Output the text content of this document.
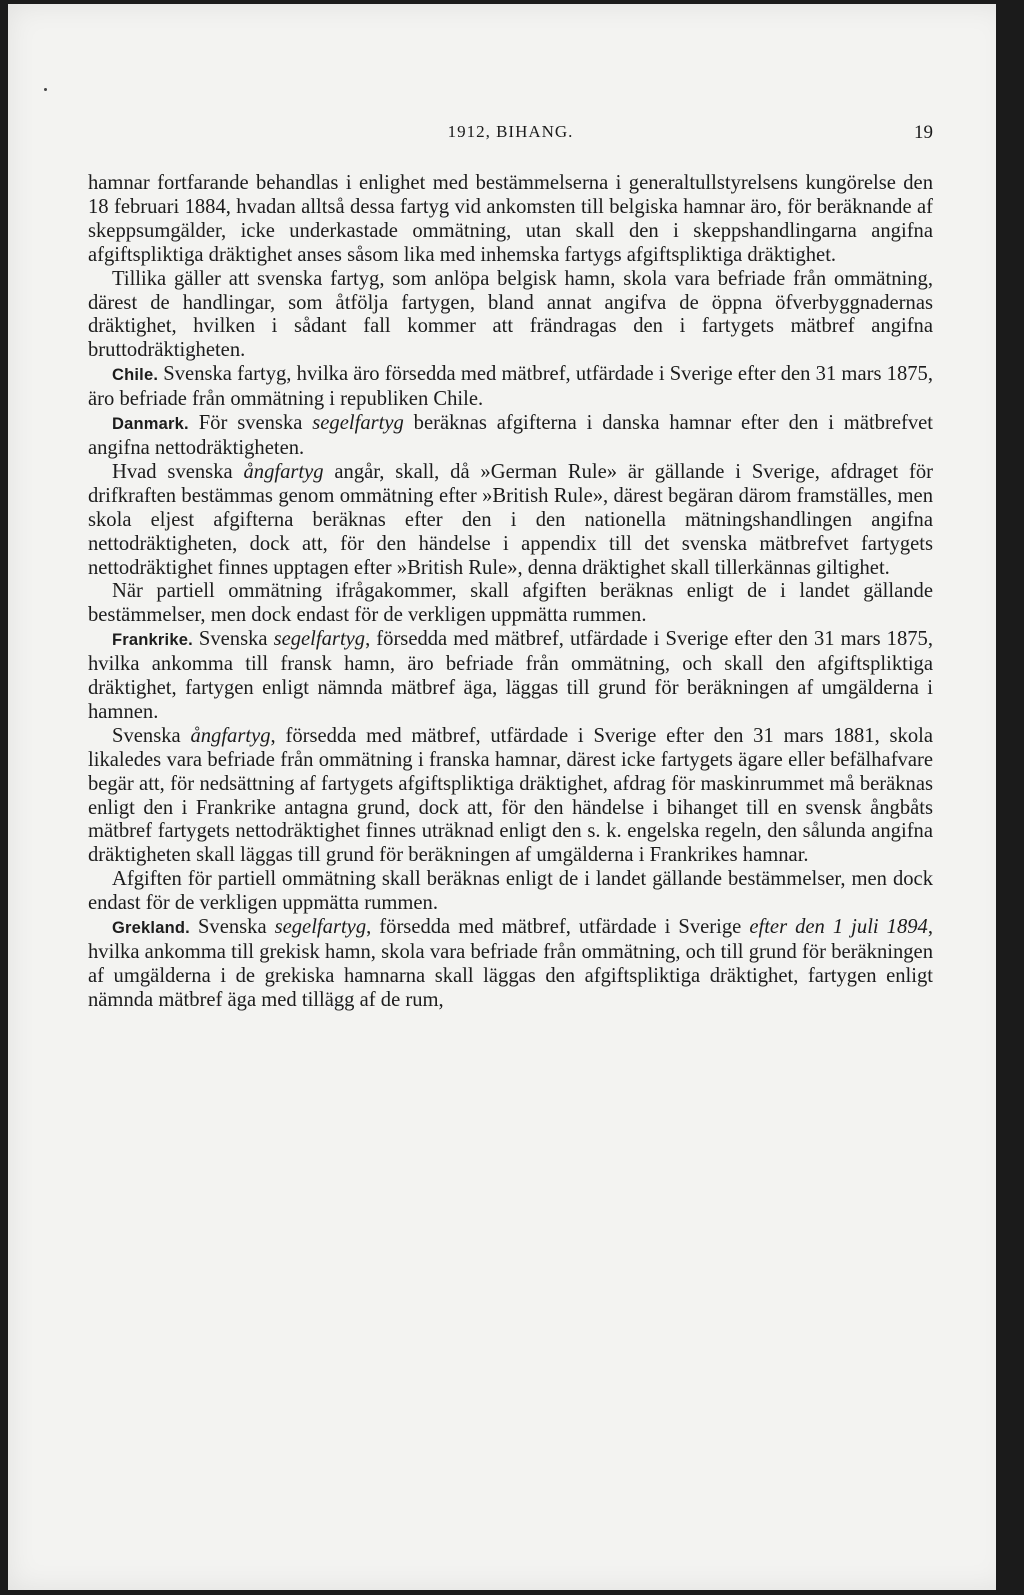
1912, BIHANG.	19

hamnar fortfarande behandlas i enlighet med bestämmelserna i generaltullstyrelsens kungörelse den 18 februari 1884, hvadan alltså dessa fartyg vid ankomsten till belgiska hamnar äro, för beräknande af skeppsumgälder, icke underkastade ommätning, utan skall den i skeppshandlingarna angifna afgiftspliktiga dräktighet anses såsom lika med inhemska fartygs afgiftspliktiga dräktighet.

Tillika gäller att svenska fartyg, som anlöpa belgisk hamn, skola vara befriade från ommätning, därest de handlingar, som åtfölja fartygen, bland annat angifva de öppna öfverbyggnadernas dräktighet, hvilken i sådant fall kommer att frändragas den i fartygets mätbref angifna bruttodräktigheten.

Chile. Svenska fartyg, hvilka äro försedda med mätbref, utfärdade i Sverige efter den 31 mars 1875, äro befriade från ommätning i republiken Chile.

Danmark. För svenska segelfartyg beräknas afgifterna i danska hamnar efter den i mätbrefvet angifna nettodräktigheten.

Hvad svenska ångfartyg angår, skall, då »German Rule» är gällande i Sverige, afdraget för drifkraften bestämmas genom ommätning efter »British Rule», därest begäran därom framställes, men skola eljest afgifterna beräknas efter den i den nationella mätningshandlingen angifna nettodräktigheten, dock att, för den händelse i appendix till det svenska mätbrefvet fartygets nettodräktighet finnes upptagen efter »British Rule», denna dräktighet skall tillerkännas giltighet.

När partiell ommätning ifrågakommer, skall afgiften beräknas enligt de i landet gällande bestämmelser, men dock endast för de verkligen uppmätta rummen.

Frankrike. Svenska segelfartyg, försedda med mätbref, utfärdade i Sverige efter den 31 mars 1875, hvilka ankomma till fransk hamn, äro befriade från ommätning, och skall den afgiftspliktiga dräktighet, fartygen enligt nämnda mätbref äga, läggas till grund för beräkningen af umgälderna i hamnen.

Svenska ångfartyg, försedda med mätbref, utfärdade i Sverige efter den 31 mars 1881, skola likaledes vara befriade från ommätning i franska hamnar, därest icke fartygets ägare eller befälhafvare begär att, för nedsättning af fartygets afgiftspliktiga dräktighet, afdrag för maskinrummet må beräknas enligt den i Frankrike antagna grund, dock att, för den händelse i bihanget till en svensk ångbåts mätbref fartygets nettodräktighet finnes uträknad enligt den s. k. engelska regeln, den sålunda angifna dräktigheten skall läggas till grund för beräkningen af umgälderna i Frankrikes hamnar.

Afgiften för partiell ommätning skall beräknas enligt de i landet gällande bestämmelser, men dock endast för de verkligen uppmätta rummen.

Grekland. Svenska segelfartyg, försedda med mätbref, utfärdade i Sverige efter den 1 juli 1894, hvilka ankomma till grekisk hamn, skola vara befriade från ommätning, och till grund för beräkningen af umgälderna i de grekiska hamnarna skall läggas den afgiftspliktiga dräktighet, fartygen enligt nämnda mätbref äga med tillägg af de rum,
